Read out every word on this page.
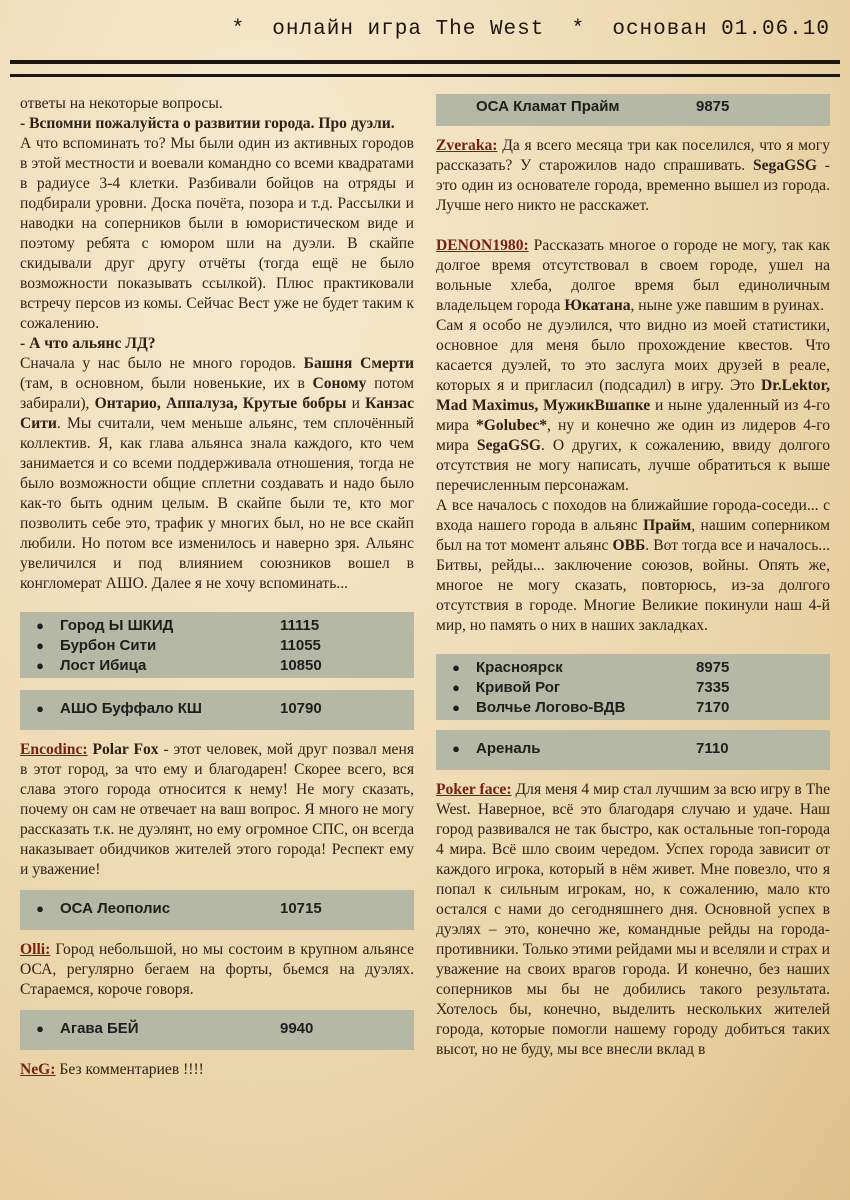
*  онлайн игра The West  *  основан 01.06.10

ответы на некоторые вопросы.

- Вспомни пожалуйста о развитии города. Про дуэли.

А что вспоминать то? Мы были один из активных городов в этой местности и воевали командно со всеми квадратами в радиусе 3-4 клетки. Разбивали бойцов на отряды и подбирали уровни. Доска почёта, позора и т.д. Рассылки и наводки на соперников были в юмористическом виде и поэтому ребята с юмором шли на дуэли. В скайпе скидывали друг другу отчёты (тогда ещё не было возможности показывать ссылкой). Плюс практиковали встречу персов из комы. Сейчас Вест уже не будет таким к сожалению.

- А что альянс ЛД?

Сначала у нас было не много городов. Башня Смерти (там, в основном, были новенькие, их в Соному потом забирали), Онтарио, Аппалуза, Крутые бобры и Канзас Сити. Мы считали, чем меньше альянс, тем сплочённый коллектив. Я, как глава альянса знала каждого, кто чем занимается и со всеми поддерживала отношения, тогда не было возможности общие сплетни создавать и надо было как-то быть одним целым. В скайпе были те, кто мог позволить себе это, трафик у многих был, но не все скайп любили. Но потом все изменилось и наверно зря. Альянс увеличился и под влиянием союзников вошел в конгломерат АШО. Далее я не хочу вспоминать...

●	Город Ы ШКИД	11115
●	Бурбон Сити	11055
●	Лост Ибица	10850
●	АШО Буффало КШ	10790

Encodinc: Polar Fox - этот человек, мой друг позвал меня в этот город, за что ему и благодарен! Скорее всего, вся слава этого города относится к нему! Не могу сказать, почему он сам не отвечает на ваш вопрос. Я много не могу рассказать т.к. не дуэлянт, но ему огромное СПС, он всегда наказывает обидчиков жителей этого города! Респект ему и уважение!

●	ОСА Леополис	10715

Olli: Город небольшой, но мы состоим в крупном альянсе ОСА, регулярно бегаем на форты, бьемся на дуэлях. Стараемся, короче говоря.

●	Агава БЕЙ	9940

NeG: Без комментариев !!!!

ОСА Кламат Прайм	9875

Zveraka: Да я всего месяца три как поселился, что я могу рассказать? У старожилов надо спрашивать. SegaGSG - это один из основателе города, временно вышел из города. Лучше него никто не расскажет.

DENON1980: Рассказать многое о городе не могу, так как долгое время отсутствовал в своем городе, ушел на вольные хлеба, долгое время был единоличным владельцем города Юкатана, ныне уже павшим в руинах.

Сам я особо не дуэлился, что видно из моей статистики, основное для меня было прохождение квестов. Что касается дуэлей, то это заслуга моих друзей в реале, которых я и пригласил (подсадил) в игру. Это Dr.Lektor, Mad Maximus, МужикВшапке и ныне удаленный из 4-го мира *Golubec*, ну и конечно же один из лидеров 4-го мира SegaGSG. О других, к сожалению, ввиду долгого отсутствия не могу написать, лучше обратиться к выше перечисленным персонажам.

А все началось с походов на ближайшие города-соседи... с входа нашего города в альянс Прайм, нашим соперником был на тот момент альянс ОВБ. Вот тогда все и началось... Битвы, рейды... заключение союзов, войны. Опять же, многое не могу сказать, повторюсь, из-за долгого отсутствия в городе. Многие Великие покинули наш 4-й мир, но память о них в наших закладках.

●	Красноярск	8975
●	Кривой Рог	7335
●	Волчье Логово-ВДВ	7170
●	Ареналь	7110

Poker face: Для меня 4 мир стал лучшим за всю игру в The West. Наверное, всё это благодаря случаю и удаче. Наш город развивался не так быстро, как остальные топ-города 4 мира. Всё шло своим чередом. Успех города зависит от каждого игрока, который в нём живет. Мне повезло, что я попал к сильным игрокам, но, к сожалению, мало кто остался с нами до сегодняшнего дня. Основной успех в дуэлях – это, конечно же, командные рейды на города-противники. Только этими рейдами мы и вселяли и страх и уважение на своих врагов города. И конечно, без наших соперников мы бы не добились такого результата. Хотелось бы, конечно, выделить нескольких жителей города, которые помогли нашему городу добиться таких высот, но не буду, мы все внесли вклад в
